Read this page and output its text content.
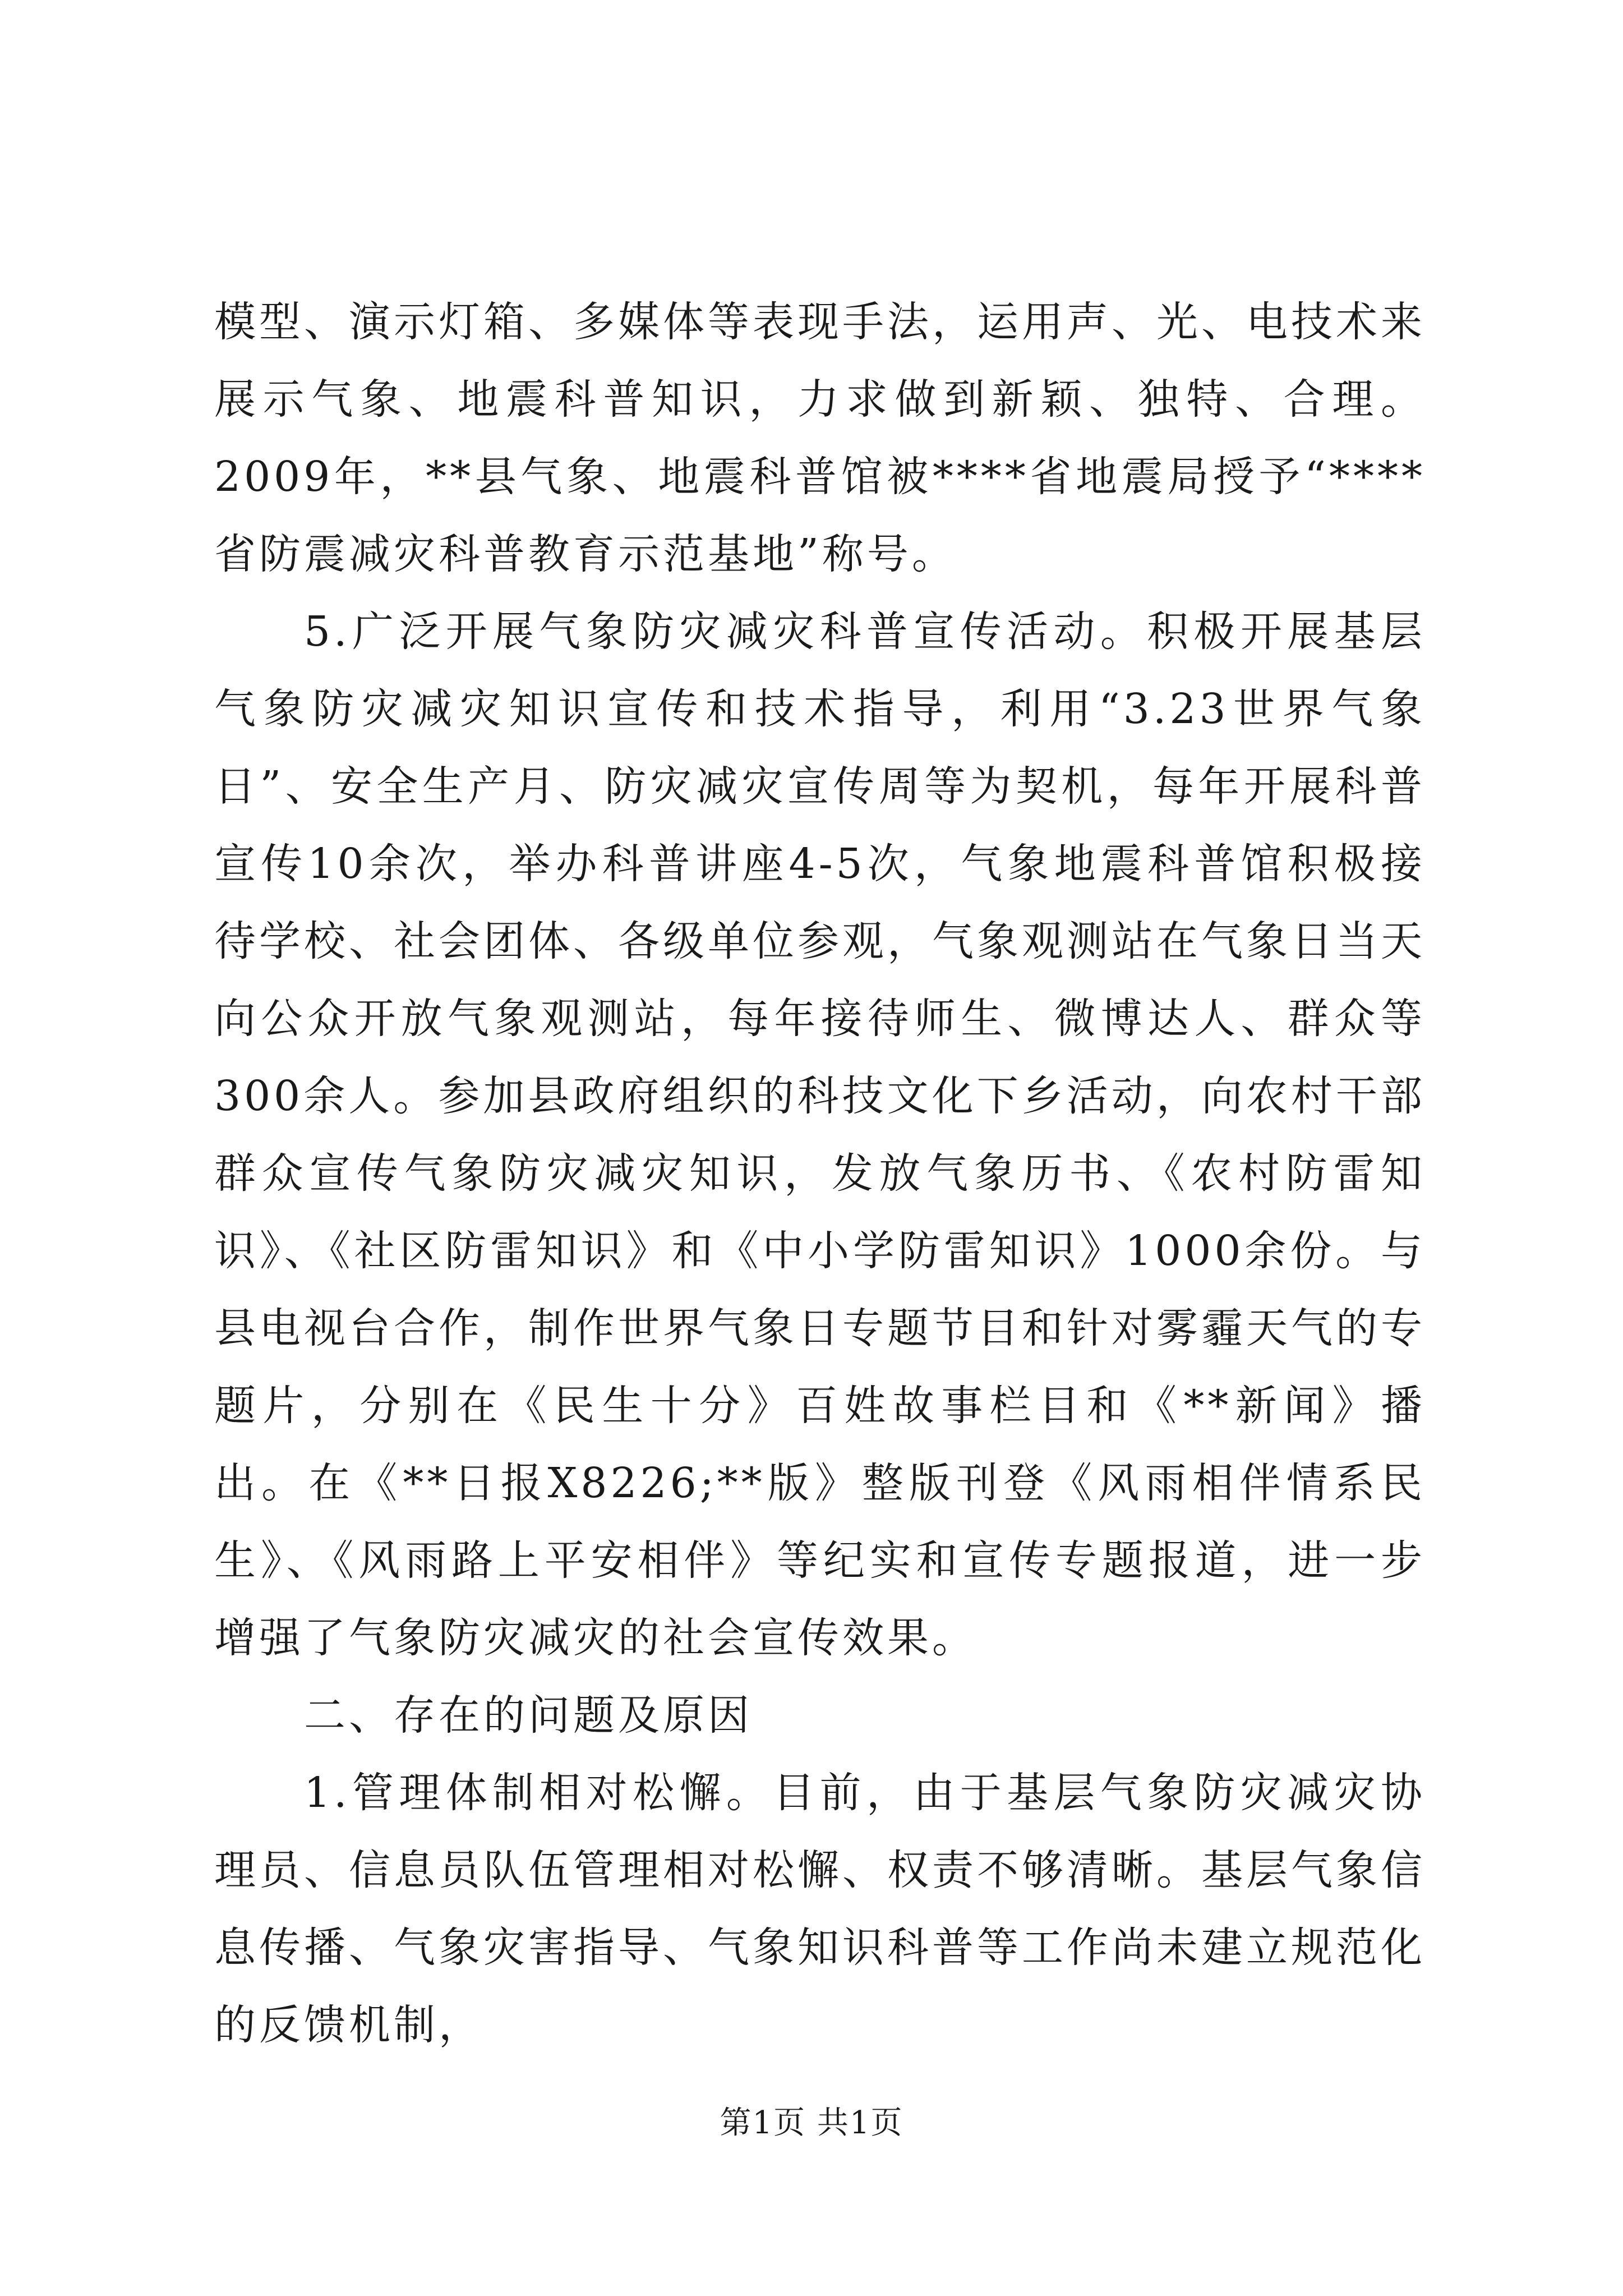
模型、演示灯箱、多媒体等表现手法，运用声、光、电技术来展示气象、地震科普知识，力求做到新颖、独特、合理。2009年，**县气象、地震科普馆被****省地震局授予“****省防震减灾科普教育示范基地”称号。

5.广泛开展气象防灾减灾科普宣传活动。积极开展基层气象防灾减灾知识宣传和技术指导，利用“3.23世界气象日”、安全生产月、防灾减灾宣传周等为契机，每年开展科普宣传10余次，举办科普讲座4-5次，气象地震科普馆积极接待学校、社会团体、各级单位参观，气象观测站在气象日当天向公众开放气象观测站，每年接待师生、微博达人、群众等300余人。参加县政府组织的科技文化下乡活动，向农村干部群众宣传气象防灾减灾知识，发放气象历书、《农村防雷知识》、《社区防雷知识》和《中小学防雷知识》1000余份。与县电视台合作，制作世界气象日专题节目和针对雾霾天气的专题片，分别在《民生十分》百姓故事栏目和《**新闻》播出。在《**日报X8226;**版》整版刊登《风雨相伴情系民生》、《风雨路上平安相伴》等纪实和宣传专题报道，进一步增强了气象防灾减灾的社会宣传效果。

二、存在的问题及原因

1.管理体制相对松懈。目前，由于基层气象防灾减灾协理员、信息员队伍管理相对松懈、权责不够清晰。基层气象信息传播、气象灾害指导、气象知识科普等工作尚未建立规范化的反馈机制，

第1页 共1页
